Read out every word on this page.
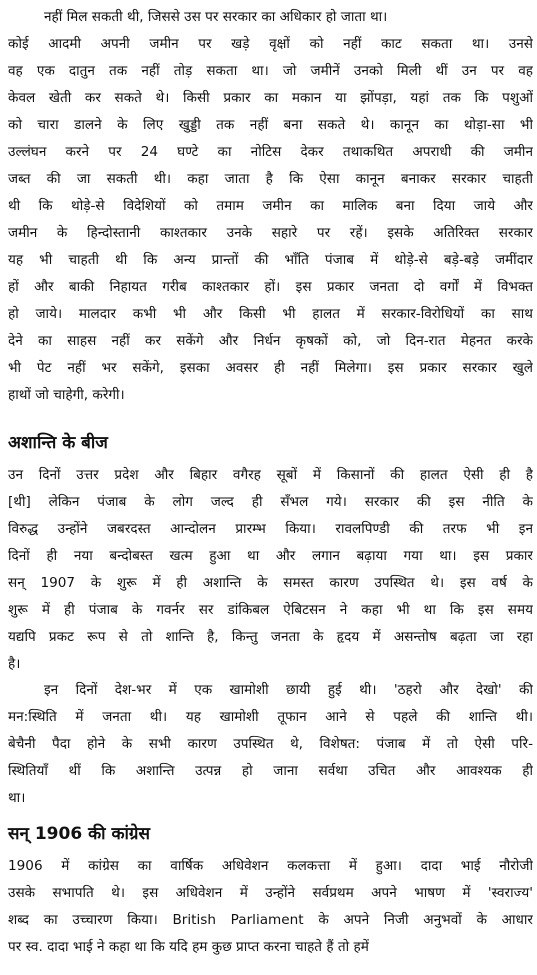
नहीं मिल सकती थी, जिससे उस पर सरकार का अधिकार हो जाता था।
कोई आदमी अपनी जमीन पर खड़े वृक्षों को नहीं काट सकता था। उनसे
वह एक दातुन तक नहीं तोड़ सकता था। जो जमीनें उनको मिली थीं उन पर वह
केवल खेती कर सकते थे। किसी प्रकार का मकान या झोंपड़ा, यहां तक कि पशुओं
को चारा डालने के लिए खुड्डी तक नहीं बना सकते थे। कानून का थोड़ा-सा भी
उल्लंघन करने पर 24 घण्टे का नोटिस देकर तथाकथित अपराधी की जमीन
जब्त की जा सकती थी। कहा जाता है कि ऐसा कानून बनाकर सरकार चाहती
थी कि थोड़े-से विदेशियों को तमाम जमीन का मालिक बना दिया जाये और
जमीन के हिन्दोस्तानी काश्तकार उनके सहारे पर रहें। इसके अतिरिक्त सरकार
यह भी चाहती थी कि अन्य प्रान्तों की भाँति पंजाब में थोड़े-से बड़े-बड़े जमींदार
हों और बाकी निहायत गरीब काश्तकार हों। इस प्रकार जनता दो वर्गों में विभक्त
हो जाये। मालदार कभी भी और किसी भी हालत में सरकार-विरोधियों का साथ
देने का साहस नहीं कर सकेंगे और निर्धन कृषकों को, जो दिन-रात मेहनत करके
भी पेट नहीं भर सकेंगे, इसका अवसर ही नहीं मिलेगा। इस प्रकार सरकार खुले
हाथों जो चाहेगी, करेगी।
अशान्ति के बीज
उन दिनों उत्तर प्रदेश और बिहार वगैरह सूबों में किसानों की हालत ऐसी ही है
[थी] लेकिन पंजाब के लोग जल्द ही सँभल गये। सरकार की इस नीति के
विरुद्ध उन्होंने जबरदस्त आन्दोलन प्रारम्भ किया। रावलपिण्डी की तरफ भी इन
दिनों ही नया बन्दोबस्त खत्म हुआ था और लगान बढ़ाया गया था। इस प्रकार
सन् 1907 के शुरू में ही अशान्ति के समस्त कारण उपस्थित थे। इस वर्ष के
शुरू में ही पंजाब के गवर्नर सर डांकिबल ऐबिटसन ने कहा भी था कि इस समय
यद्यपि प्रकट रूप से तो शान्ति है, किन्तु जनता के हृदय में असन्तोष बढ़ता जा रहा
है।
इन दिनों देश-भर में एक खामोशी छायी हुई थी। 'ठहरो और देखो' की
मन:स्थिति में जनता थी। यह खामोशी तूफान आने से पहले की शान्ति थी।
बेचैनी पैदा होने के सभी कारण उपस्थित थे, विशेषत: पंजाब में तो ऐसी परि-
स्थितियाँ थीं कि अशान्ति उत्पन्न हो जाना सर्वथा उचित और आवश्यक ही
था।
सन् 1906 की कांग्रेस
1906 में कांग्रेस का वार्षिक अधिवेशन कलकत्ता में हुआ। दादा भाई नौरोजी
उसके सभापति थे। इस अधिवेशन में उन्होंने सर्वप्रथम अपने भाषण में 'स्वराज्य'
शब्द का उच्चारण किया। British Parliament के अपने निजी अनुभवों के आधार
पर स्व. दादा भाई ने कहा था कि यदि हम कुछ प्राप्त करना चाहते हैं तो हमें
